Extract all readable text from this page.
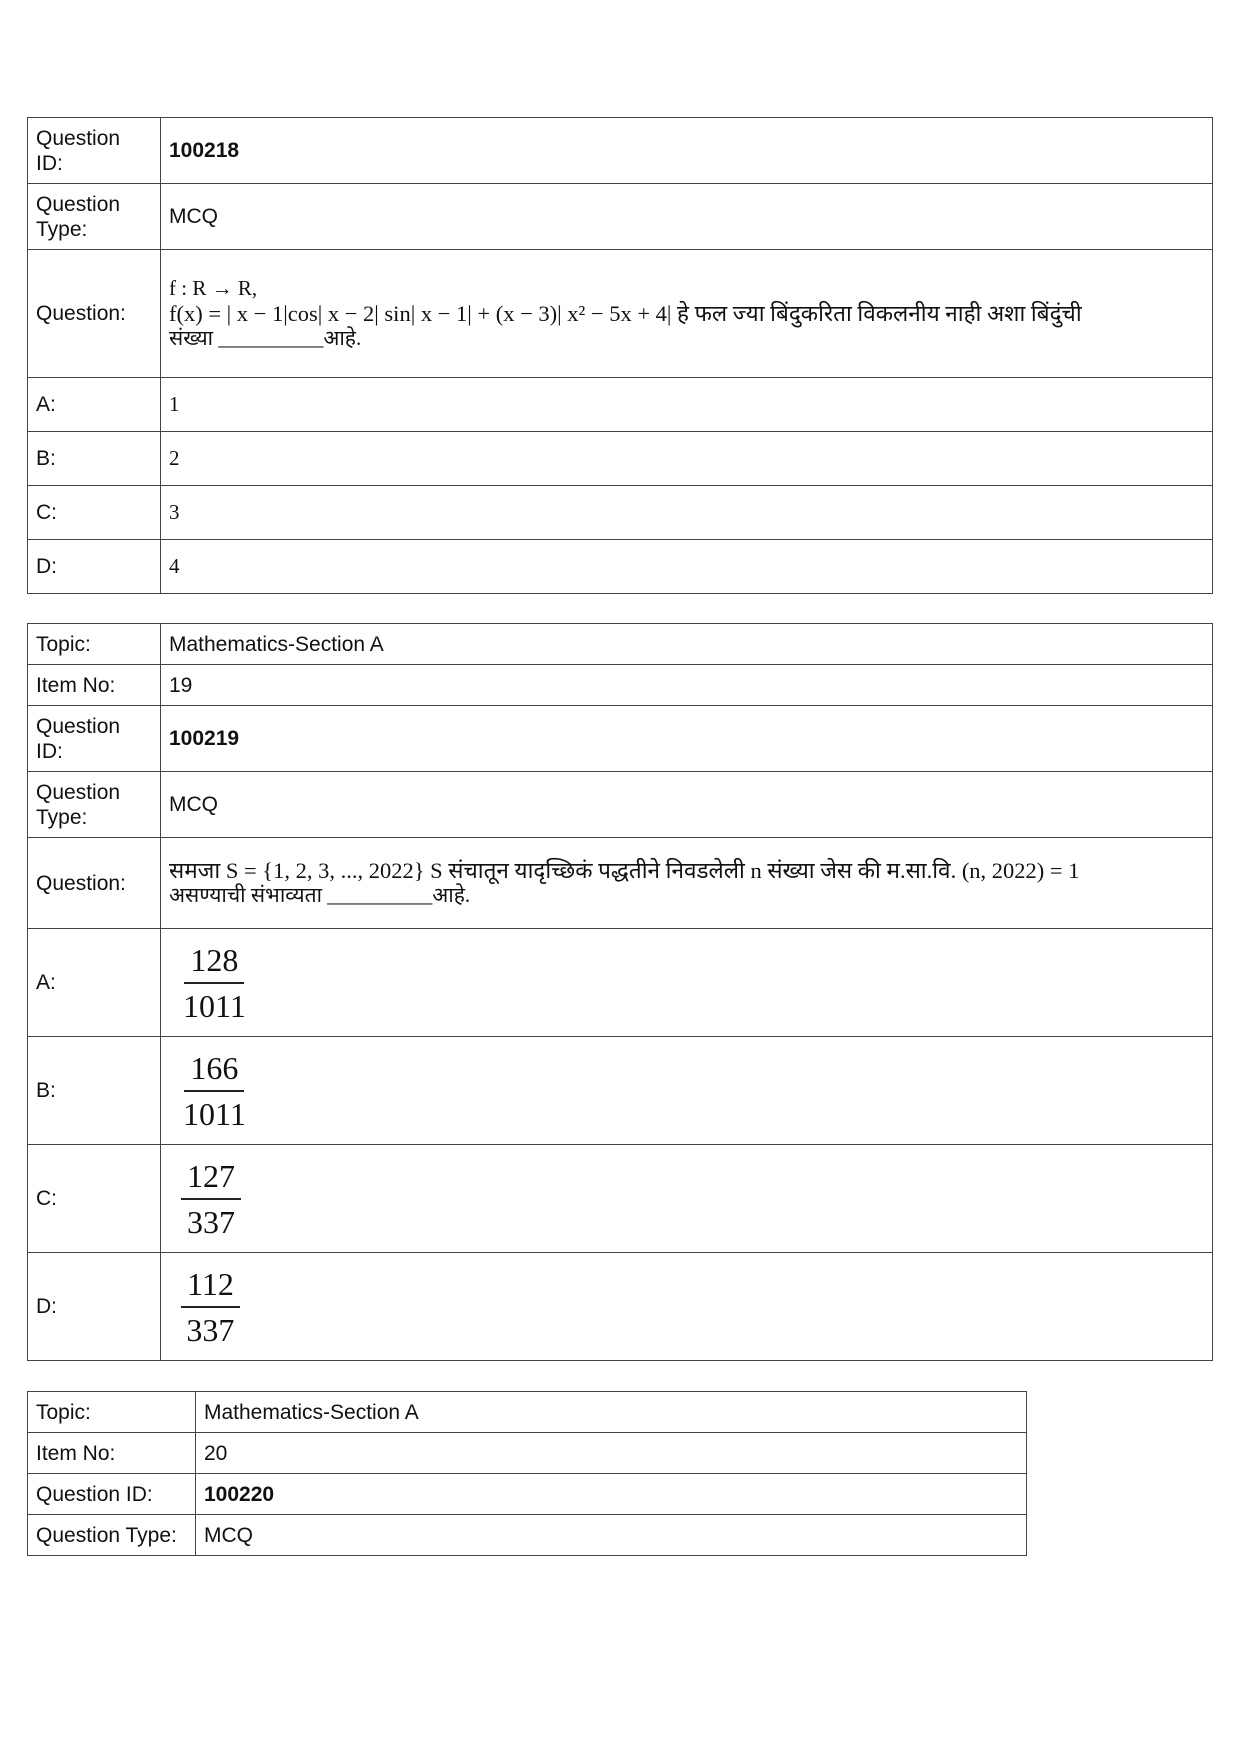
Question
ID:	100218
Question
Type:	MCQ
Question:	f : R → R,
f(x) = | x − 1|cos| x − 2| sin| x − 1| + (x − 3)| x² − 5x + 4| हे फल ज्या बिंदुकरिता विकलनीय नाही अशा बिंदुंची
संख्या __________आहे.

A:	1
B:	2
C:	3
D:	4
Topic:	Mathematics-Section A
Item No:	19
Question
ID:	100219
Question
Type:	MCQ
Question:	समजा S = {1, 2, 3, ..., 2022} S संचातून यादृच्छिकं पद्धतीने निवडलेली n संख्या जेस की म.सा.वि. (n, 2022) = 1
असण्याची संभाव्यता __________आहे.

A:	$\frac{128}{1011}$

B:	$\frac{166}{1011}$

C:	$\frac{127}{337}$

D:	$\frac{112}{337}$
Topic:	Mathematics-Section A
Item No:	20
Question ID:	100220
Question Type:	MCQ
